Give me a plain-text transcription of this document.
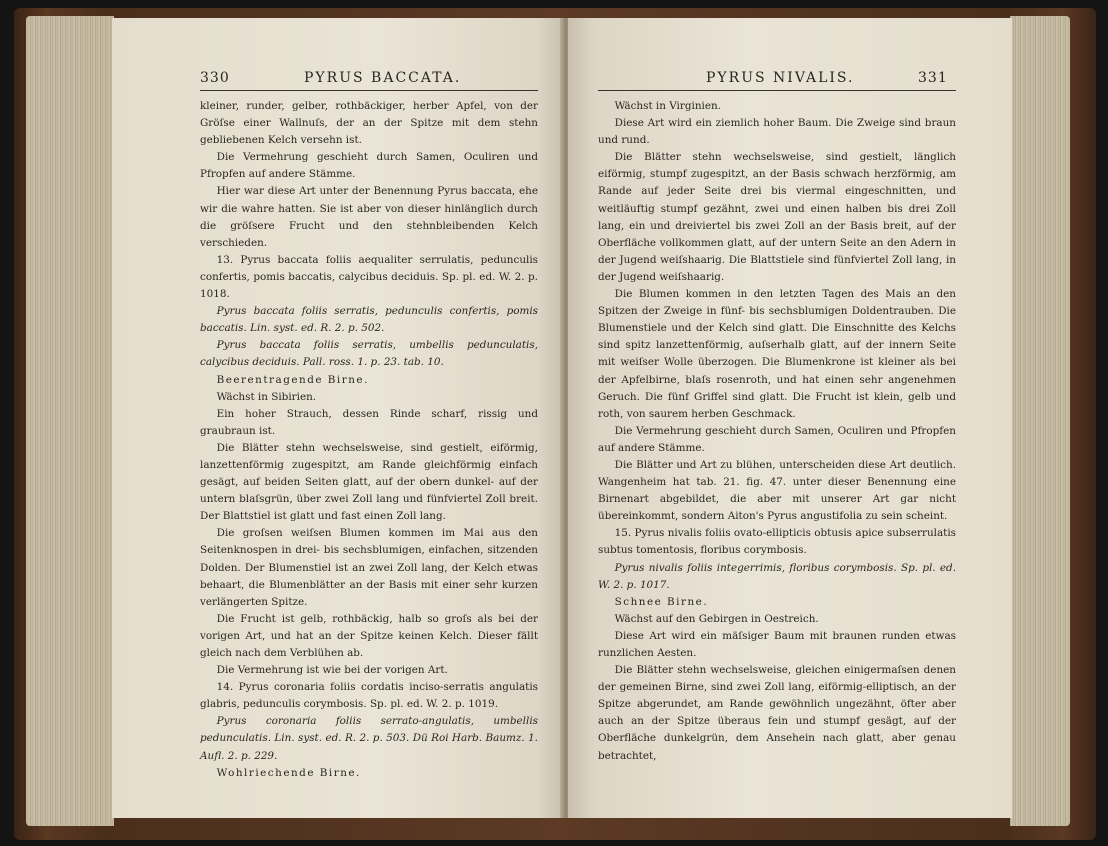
330	PYRUS BACCATA.

kleiner, runder, gelber, rothbäckiger, herber Apfel, von der Gröſse einer Wallnuſs, der an der Spitze mit dem stehn gebliebenen Kelch versehn ist.

Die Vermehrung geschieht durch Samen, Oculiren und Pfropfen auf andere Stämme.

Hier war diese Art unter der Benennung Pyrus baccata, ehe wir die wahre hatten. Sie ist aber von dieser hinlänglich durch die gröſsere Frucht und den stehnbleibenden Kelch verschieden.

13. Pyrus baccata foliis aequaliter serrulatis, pedunculis confertis, pomis baccatis, calycibus deciduis. Sp. pl. ed. W. 2. p. 1018.

Pyrus baccata foliis serratis, pedunculis confertis, pomis baccatis. Lin. syst. ed. R. 2. p. 502.

Pyrus baccata foliis serratis, umbellis pedunculatis, calycibus deciduis. Pall. ross. 1. p. 23. tab. 10.

Beerentragende Birne.

Wächst in Sibirien.

Ein hoher Strauch, dessen Rinde scharf, rissig und graubraun ist.

Die Blätter stehn wechselsweise, sind gestielt, eiförmig, lanzettenförmig zugespitzt, am Rande gleichförmig einfach gesägt, auf beiden Seiten glatt, auf der obern dunkel- auf der untern blaſsgrün, über zwei Zoll lang und fünfviertel Zoll breit. Der Blattstiel ist glatt und fast einen Zoll lang.

Die groſsen weiſsen Blumen kommen im Mai aus den Seitenknospen in drei- bis sechsblumigen, einfachen, sitzenden Dolden. Der Blumenstiel ist an zwei Zoll lang, der Kelch etwas behaart, die Blumenblätter an der Basis mit einer sehr kurzen verlängerten Spitze.

Die Frucht ist gelb, rothbäckig, halb so groſs als bei der vorigen Art, und hat an der Spitze keinen Kelch. Dieser fällt gleich nach dem Verblühen ab.

Die Vermehrung ist wie bei der vorigen Art.

14. Pyrus coronaria foliis cordatis inciso-serratis angulatis glabris, pedunculis corymbosis. Sp. pl. ed. W. 2. p. 1019.

Pyrus coronaria foliis serrato-angulatis, umbellis pedunculatis. Lin. syst. ed. R. 2. p. 503. Dü Roi Harb. Baumz. 1. Aufl. 2. p. 229.

Wohlriechende Birne.

PYRUS NIVALIS.	331

Wächst in Virginien.

Diese Art wird ein ziemlich hoher Baum. Die Zweige sind braun und rund.

Die Blätter stehn wechselsweise, sind gestielt, länglich eiförmig, stumpf zugespitzt, an der Basis schwach herzförmig, am Rande auf jeder Seite drei bis viermal eingeschnitten, und weitläuftig stumpf gezähnt, zwei und einen halben bis drei Zoll lang, ein und dreiviertel bis zwei Zoll an der Basis breit, auf der Oberfläche vollkommen glatt, auf der untern Seite an den Adern in der Jugend weiſshaarig. Die Blattstiele sind fünfviertel Zoll lang, in der Jugend weiſshaarig.

Die Blumen kommen in den letzten Tagen des Mais an den Spitzen der Zweige in fünf- bis sechsblumigen Doldentrauben. Die Blumenstiele und der Kelch sind glatt. Die Einschnitte des Kelchs sind spitz lanzettenförmig, auſserhalb glatt, auf der innern Seite mit weiſser Wolle überzogen. Die Blumenkrone ist kleiner als bei der Apfelbirne, blaſs rosenroth, und hat einen sehr angenehmen Geruch. Die fünf Griffel sind glatt. Die Frucht ist klein, gelb und roth, von saurem herben Geschmack.

Die Vermehrung geschieht durch Samen, Oculiren und Pfropfen auf andere Stämme.

Die Blätter und Art zu blühen, unterscheiden diese Art deutlich. Wangenheim hat tab. 21. fig. 47. unter dieser Benennung eine Birnenart abgebildet, die aber mit unserer Art gar nicht übereinkommt, sondern Aiton's Pyrus angustifolia zu sein scheint.

15. Pyrus nivalis foliis ovato-ellipticis obtusis apice subserrulatis subtus tomentosis, floribus corymbosis.

Pyrus nivalis foliis integerrimis, floribus corymbosis. Sp. pl. ed. W. 2. p. 1017.

Schnee Birne.

Wächst auf den Gebirgen in Oestreich.

Diese Art wird ein mäſsiger Baum mit braunen runden etwas runzlichen Aesten.

Die Blätter stehn wechselsweise, gleichen einigermaſsen denen der gemeinen Birne, sind zwei Zoll lang, eiförmig-elliptisch, an der Spitze abgerundet, am Rande gewöhnlich ungezähnt, öfter aber auch an der Spitze überaus fein und stumpf gesägt, auf der Oberfläche dunkelgrün, dem Ansehein nach glatt, aber genau betrachtet,
